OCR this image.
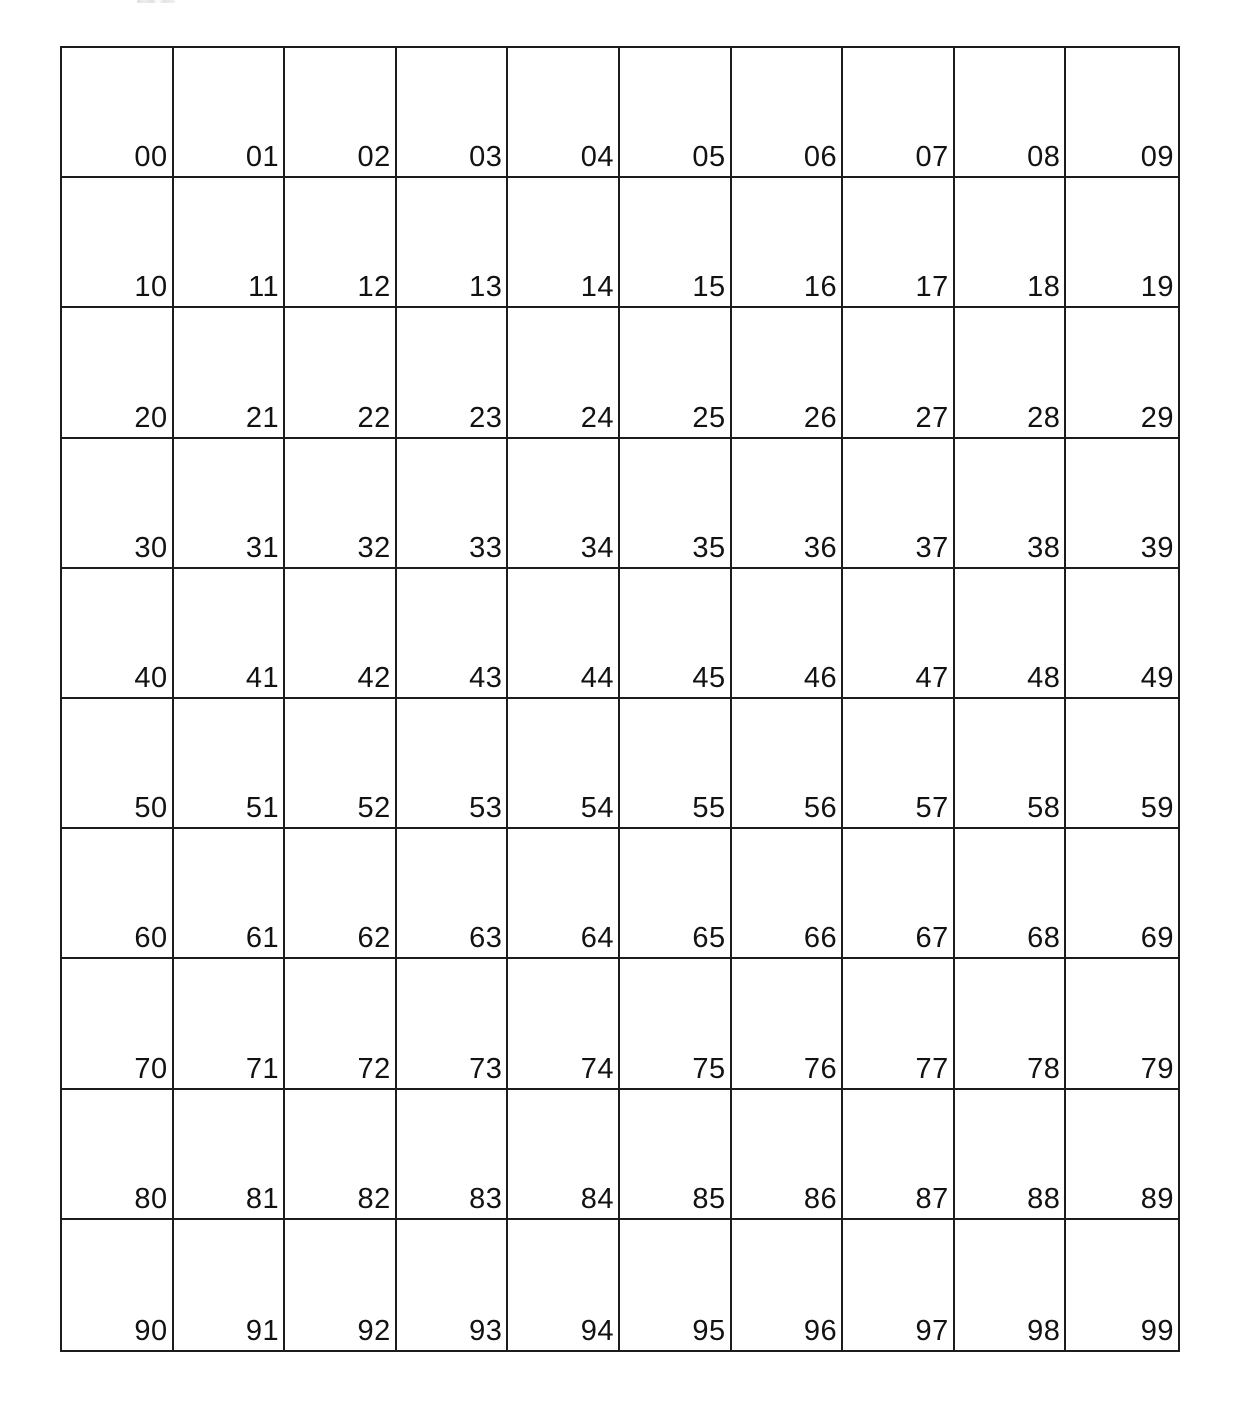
00	01	02	03	04	05	06	07	08	09
10	11	12	13	14	15	16	17	18	19
20	21	22	23	24	25	26	27	28	29
30	31	32	33	34	35	36	37	38	39
40	41	42	43	44	45	46	47	48	49
50	51	52	53	54	55	56	57	58	59
60	61	62	63	64	65	66	67	68	69
70	71	72	73	74	75	76	77	78	79
80	81	82	83	84	85	86	87	88	89
90	91	92	93	94	95	96	97	98	99
